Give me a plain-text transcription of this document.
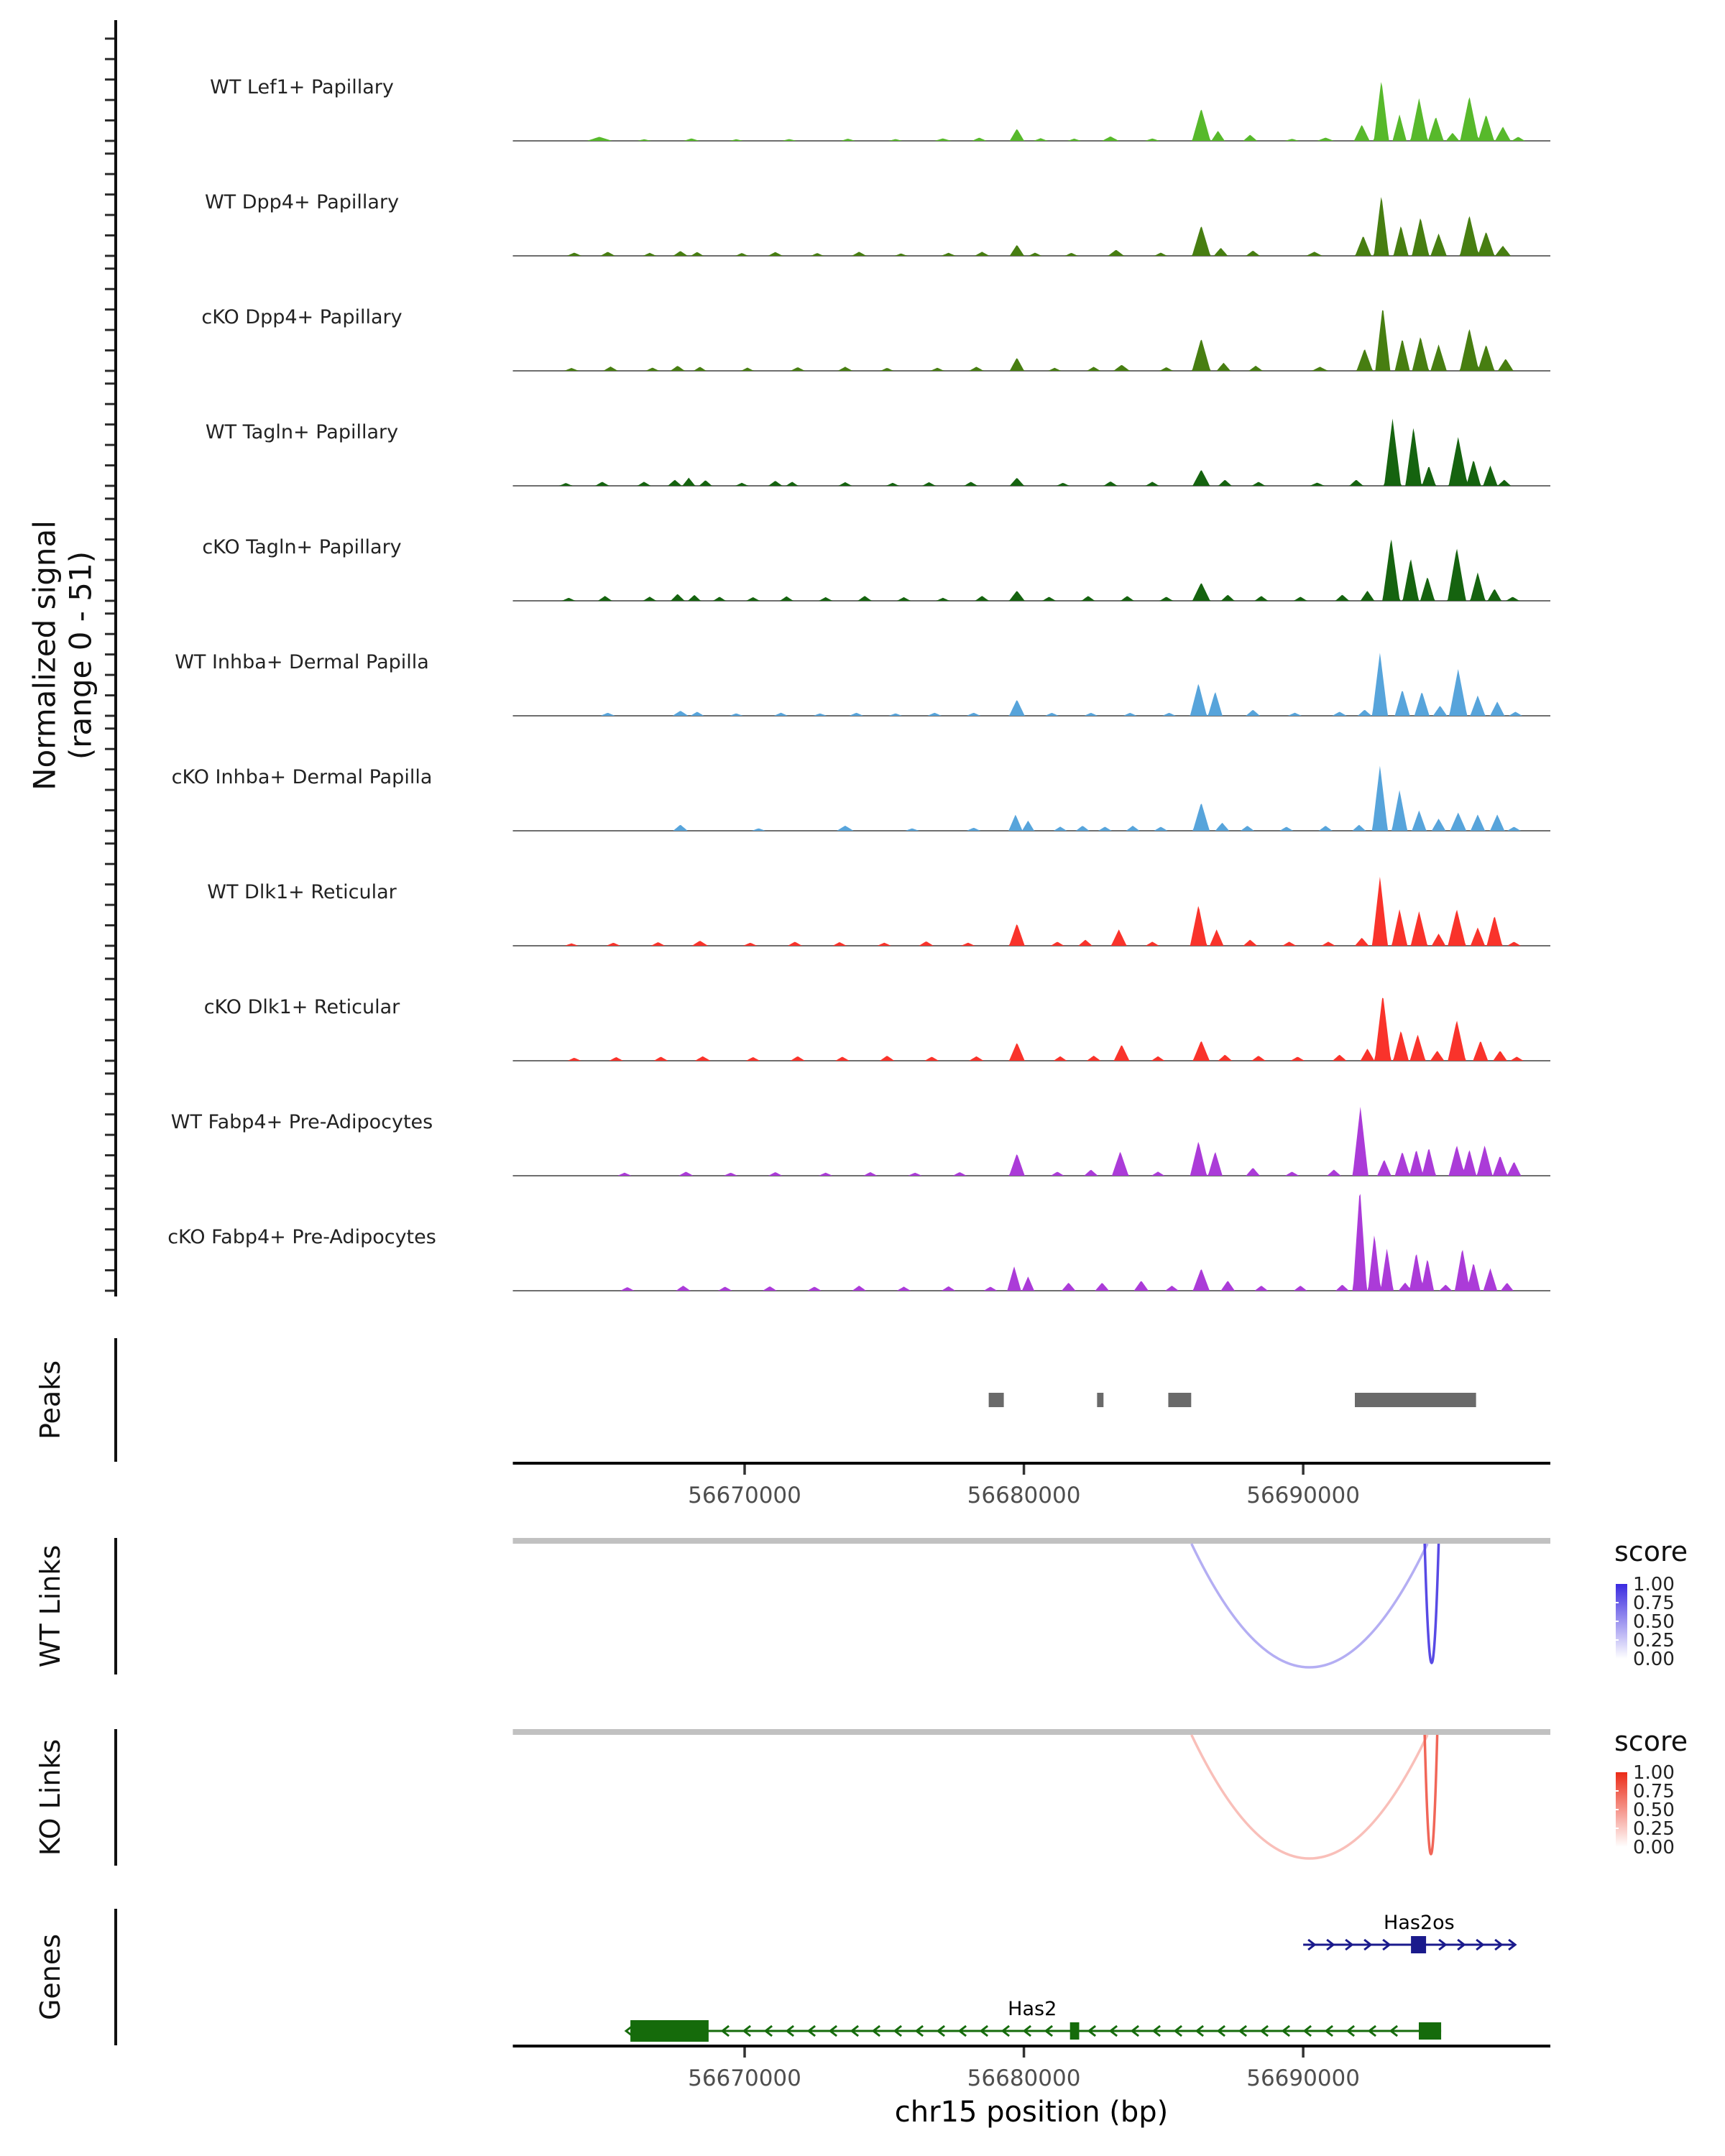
56670000	56680000	56690000
Has2os
Has2
56670000	56680000	56690000
score
score
1.00
0.75
0.50
0.25
0.00
1.00
0.75
0.50
0.25
0.00
chr15 position (bp)
Normalized signal (range 0 - 51)
Peaks
WT Links
KO Links
Genes
WT Lef1+ Papillary
WT Dpp4+ Papillary
cKO Dpp4+ Papillary
WT Tagln+ Papillary
cKO Tagln+ Papillary
WT Inhba+ Dermal Papilla
cKO Inhba+ Dermal Papilla
WT Dlk1+ Reticular
cKO Dlk1+ Reticular
WT Fabp4+ Pre-Adipocytes
cKO Fabp4+ Pre-Adipocytes
